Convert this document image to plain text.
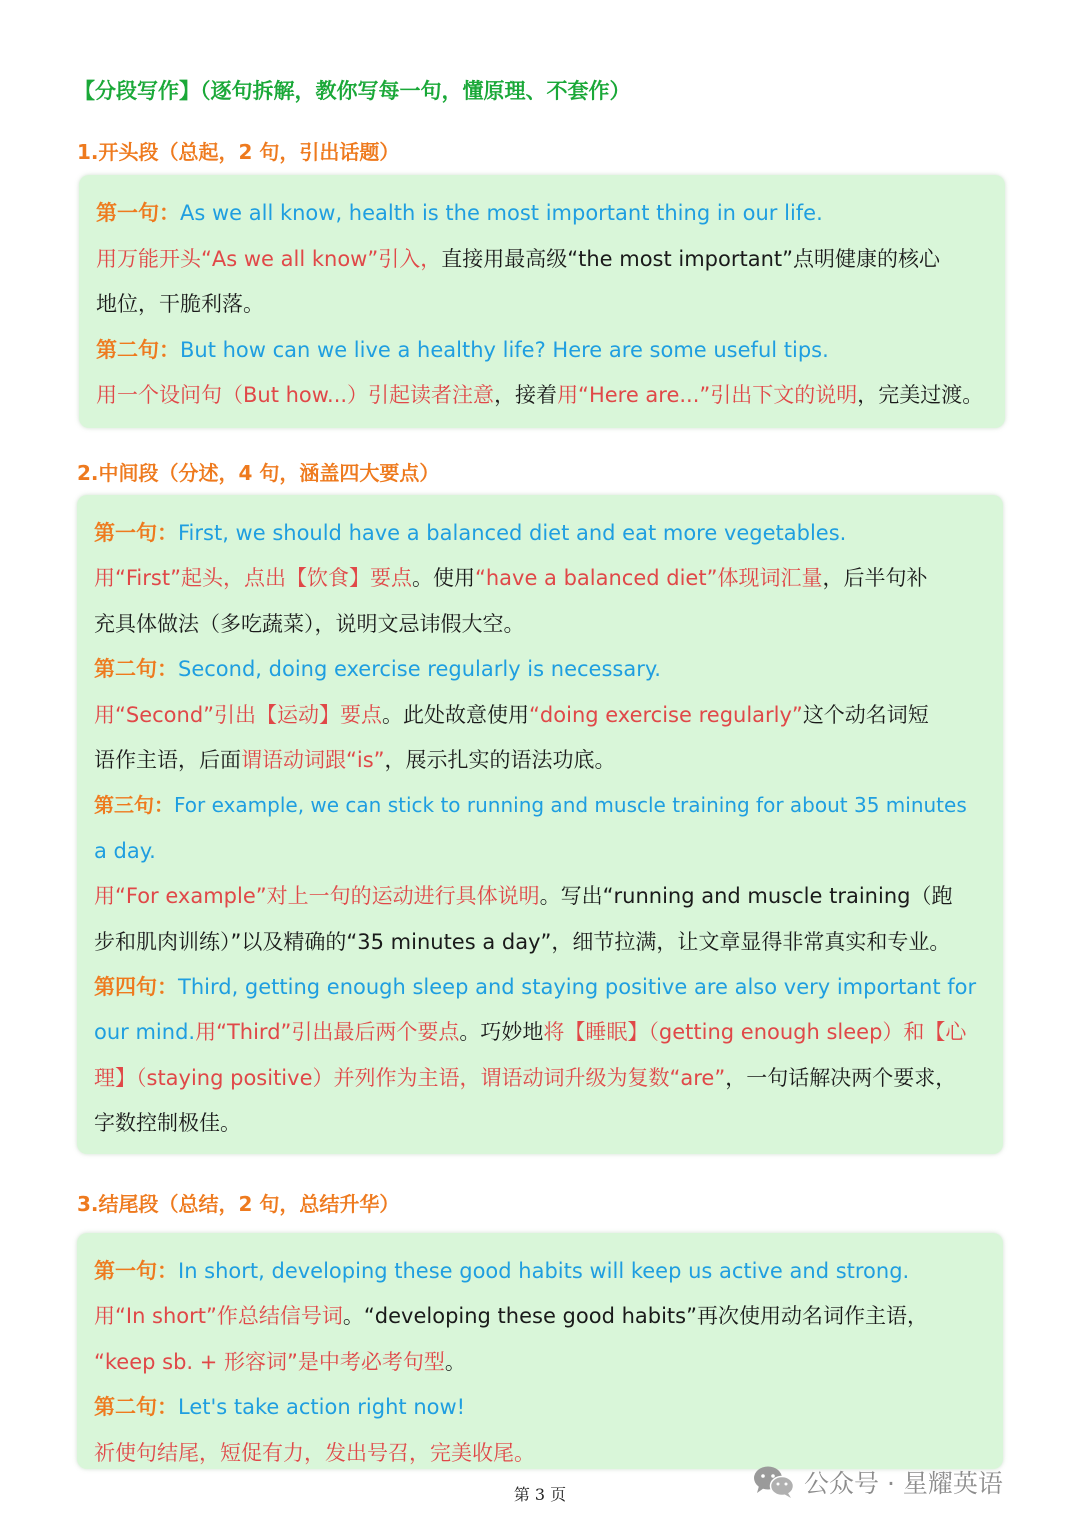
【分段写作】（逐句拆解，教你写每一句，懂原理、不套作）
1.开头段（总起，2 句，引出话题）
第一句：As we all know, health is the most important thing in our life.
用万能开头“As we all know”引入，直接用最高级“the most important”点明健康的核心
地位，干脆利落。
第二句：But how can we live a healthy life? Here are some useful tips.
用一个设问句（But how...）引起读者注意，接着用“Here are...”引出下文的说明，完美过渡。
2.中间段（分述，4 句，涵盖四大要点）
第一句：First, we should have a balanced diet and eat more vegetables.
用“First”起头，点出【饮食】要点。使用“have a balanced diet”体现词汇量，后半句补
充具体做法（多吃蔬菜），说明文忌讳假大空。
第二句：Second, doing exercise regularly is necessary.
用“Second”引出【运动】要点。此处故意使用“doing exercise regularly”这个动名词短
语作主语，后面谓语动词跟“is”，展示扎实的语法功底。
第三句：For example, we can stick to running and muscle training for about 35 minutes
a day.
用“For example”对上一句的运动进行具体说明。写出“running and muscle training（跑
步和肌肉训练）”以及精确的“35 minutes a day”，细节拉满，让文章显得非常真实和专业。
第四句：Third, getting enough sleep and staying positive are also very important for
our mind.用“Third”引出最后两个要点。巧妙地将【睡眠】（getting enough sleep）和【心
理】（staying positive）并列作为主语，谓语动词升级为复数“are”，一句话解决两个要求，
字数控制极佳。
3.结尾段（总结，2 句，总结升华）
第一句：In short, developing these good habits will keep us active and strong.
用“In short”作总结信号词。“developing these good habits”再次使用动名词作主语，
“keep sb. + 形容词”是中考必考句型。
第二句：Let's take action right now!
祈使句结尾，短促有力，发出号召，完美收尾。
第 3 页	公众号 · 星耀英语
